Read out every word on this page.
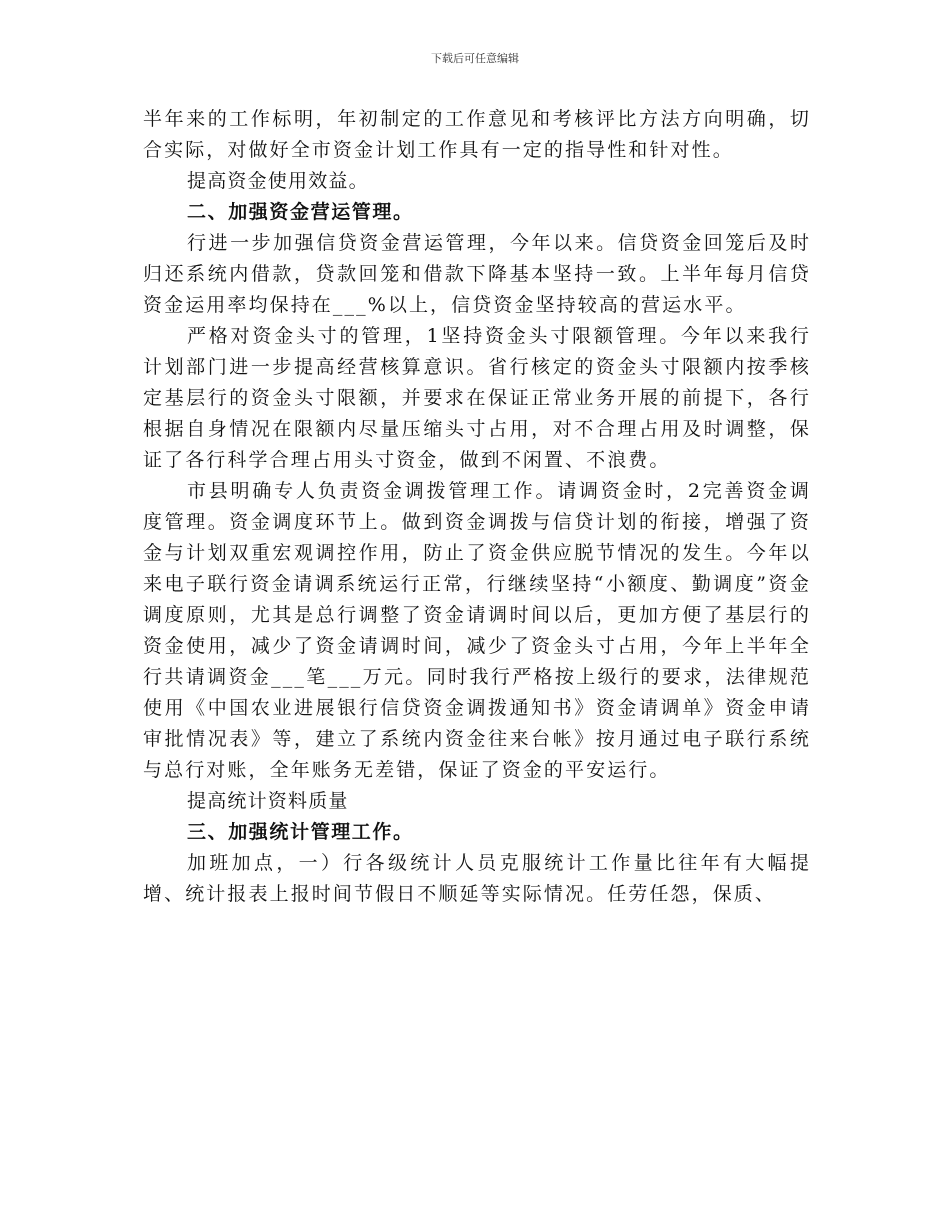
下载后可任意编辑

半年来的工作标明，年初制定的工作意见和考核评比方法方向明确，切合实际，对做好全市资金计划工作具有一定的指导性和针对性。

提高资金使用效益。

二、加强资金营运管理。

行进一步加强信贷资金营运管理，今年以来。信贷资金回笼后及时归还系统内借款，贷款回笼和借款下降基本坚持一致。上半年每月信贷资金运用率均保持在___%以上，信贷资金坚持较高的营运水平。

严格对资金头寸的管理，1坚持资金头寸限额管理。今年以来我行计划部门进一步提高经营核算意识。省行核定的资金头寸限额内按季核定基层行的资金头寸限额，并要求在保证正常业务开展的前提下，各行根据自身情况在限额内尽量压缩头寸占用，对不合理占用及时调整，保证了各行科学合理占用头寸资金，做到不闲置、不浪费。

市县明确专人负责资金调拨管理工作。请调资金时，2完善资金调度管理。资金调度环节上。做到资金调拨与信贷计划的衔接，增强了资金与计划双重宏观调控作用，防止了资金供应脱节情况的发生。今年以来电子联行资金请调系统运行正常，行继续坚持“小额度、勤调度”资金调度原则，尤其是总行调整了资金请调时间以后，更加方便了基层行的资金使用，减少了资金请调时间，减少了资金头寸占用，今年上半年全行共请调资金___笔___万元。同时我行严格按上级行的要求，法律规范使用《中国农业进展银行信贷资金调拨通知书》资金请调单》资金申请审批情况表》等，建立了系统内资金往来台帐》按月通过电子联行系统与总行对账，全年账务无差错，保证了资金的平安运行。

提高统计资料质量

三、加强统计管理工作。

加班加点，一）行各级统计人员克服统计工作量比往年有大幅提增、统计报表上报时间节假日不顺延等实际情况。任劳任怨，保质、
